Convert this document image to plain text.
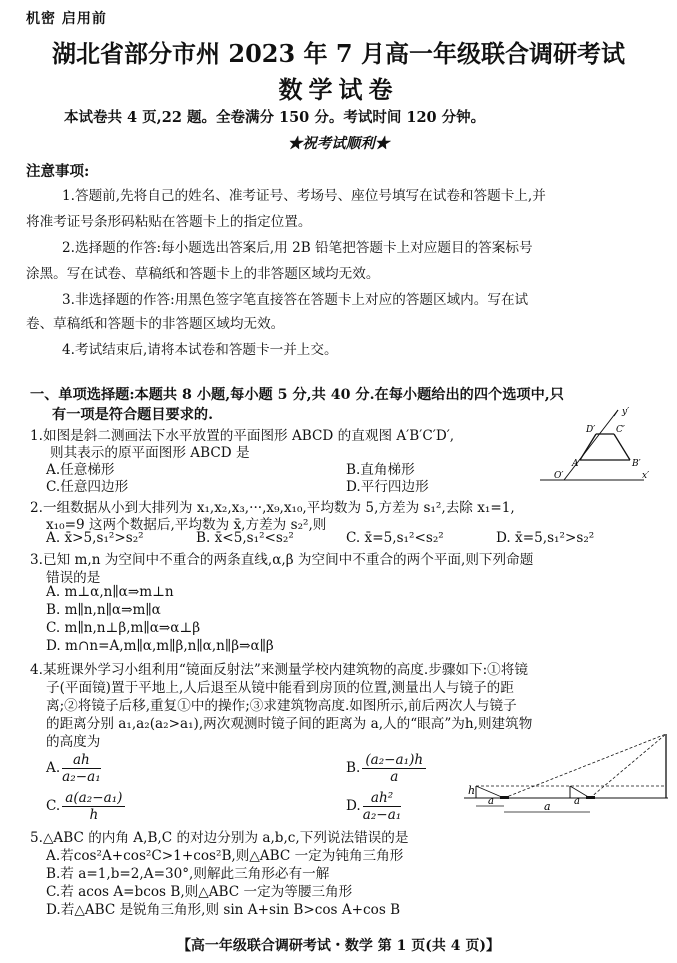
机密 启用前
湖北省部分市州 2023 年 7 月高一年级联合调研考试
数学试卷
本试卷共 4 页,22 题。全卷满分 150 分。考试时间 120 分钟。
★祝考试顺利★
注意事项:
1.答题前,先将自己的姓名、准考证号、考场号、座位号填写在试卷和答题卡上,并
将准考证号条形码粘贴在答题卡上的指定位置。
2.选择题的作答:每小题选出答案后,用 2B 铅笔把答题卡上对应题目的答案标号
涂黑。写在试卷、草稿纸和答题卡上的非答题区域均无效。
3.非选择题的作答:用黑色签字笔直接答在答题卡上对应的答题区域内。写在试
卷、草稿纸和答题卡的非答题区域均无效。
4.考试结束后,请将本试卷和答题卡一并上交。
一、单项选择题:本题共 8 小题,每小题 5 分,共 40 分.在每小题给出的四个选项中,只
有一项是符合题目要求的.
1.如图是斜二测画法下水平放置的平面图形 ABCD 的直观图 A′B′C′D′,
则其表示的原平面图形 ABCD 是
A.任意梯形	B.直角梯形
C.任意四边形	D.平行四边形
y′
D′ C′
O′
A′	B′
x′
2.一组数据从小到大排列为 x₁,x₂,x₃,···,x₉,x₁₀,平均数为 5,方差为 s₁²,去除 x₁=1,
x₁₀=9 这两个数据后,平均数为 x̄,方差为 s₂²,则
A. x̄>5,s₁²>s₂²	B. x̄<5,s₁²<s₂²	C. x̄=5,s₁²<s₂²	D. x̄=5,s₁²>s₂²
3.已知 m,n 为空间中不重合的两条直线,α,β 为空间中不重合的两个平面,则下列命题
错误的是
A. m⊥α,n∥α⇒m⊥n
B. m∥n,n∥α⇒m∥α
C. m∥n,n⊥β,m∥α⇒α⊥β
D. m∩n=A,m∥α,m∥β,n∥α,n∥β⇒α∥β
4.某班课外学习小组利用“镜面反射法”来测量学校内建筑物的高度.步骤如下:①将镜
子(平面镜)置于平地上,人后退至从镜中能看到房顶的位置,测量出人与镜子的距
离;②将镜子后移,重复①中的操作;③求建筑物高度.如图所示,前后两次人与镜子
的距离分别 a₁,a₂(a₂>a₁),两次观测时镜子间的距离为 a,人的“眼高”为h,则建筑物
的高度为
A. $\frac{ah}{\text{a₂−a₁}}$	B. $\frac{\text{(a₂−a₁)h}}{a}$
C. $\frac{\text{a(a₂−a₁)}}{h}$	D. $\frac{\text{ah²}}{\text{a₂−a₁}}$	h
a	a a
5.△ABC 的内角 A,B,C 的对边分别为 a,b,c,下列说法错误的是
A.若cos²A+cos²C>1+cos²B,则△ABC 一定为钝角三角形
B.若 a=1,b=2,A=30°,则解此三角形必有一解
C.若 acos A=bcos B,则△ABC 一定为等腰三角形
D.若△ABC 是锐角三角形,则 sin A+sin B>cos A+cos B
【高一年级联合调研考试・数学 第 1 页(共 4 页)】
